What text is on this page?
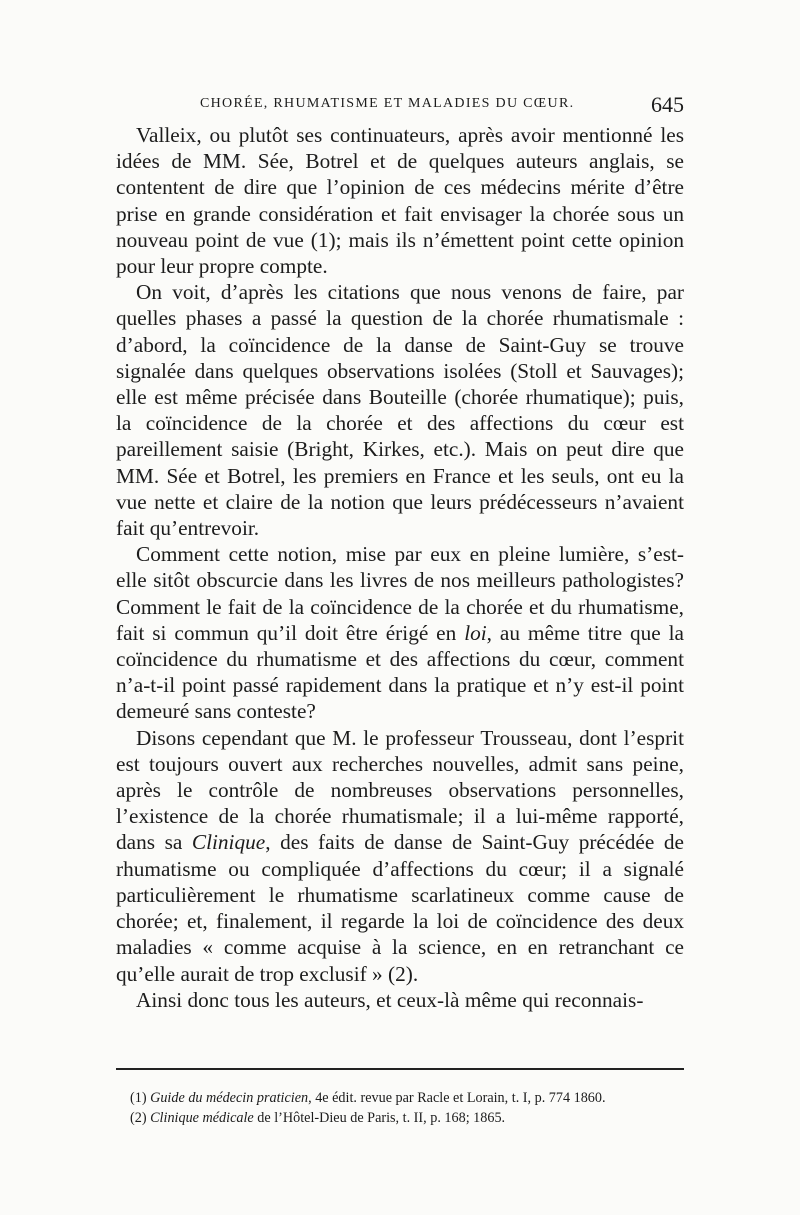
CHORÉE, RHUMATISME ET MALADIES DU CŒUR.	645

Valleix, ou plutôt ses continuateurs, après avoir mentionné les idées de MM. Sée, Botrel et de quelques auteurs anglais, se contentent de dire que l’opinion de ces médecins mérite d’être prise en grande considération et fait envisager la chorée sous un nouveau point de vue (1); mais ils n’émettent point cette opinion pour leur propre compte.

On voit, d’après les citations que nous venons de faire, par quelles phases a passé la question de la chorée rhumatismale : d’abord, la coïncidence de la danse de Saint-Guy se trouve signalée dans quelques observations isolées (Stoll et Sauvages); elle est même précisée dans Bouteille (chorée rhumatique); puis, la coïncidence de la chorée et des affections du cœur est pareillement saisie (Bright, Kirkes, etc.). Mais on peut dire que MM. Sée et Botrel, les premiers en France et les seuls, ont eu la vue nette et claire de la notion que leurs prédécesseurs n’avaient fait qu’entrevoir.

Comment cette notion, mise par eux en pleine lumière, s’est-elle sitôt obscurcie dans les livres de nos meilleurs pathologistes? Comment le fait de la coïncidence de la chorée et du rhumatisme, fait si commun qu’il doit être érigé en loi, au même titre que la coïncidence du rhumatisme et des affections du cœur, comment n’a-t-il point passé rapidement dans la pratique et n’y est-il point demeuré sans conteste?

Disons cependant que M. le professeur Trousseau, dont l’esprit est toujours ouvert aux recherches nouvelles, admit sans peine, après le contrôle de nombreuses observations personnelles, l’existence de la chorée rhumatismale; il a lui-même rapporté, dans sa Clinique, des faits de danse de Saint-Guy précédée de rhumatisme ou compliquée d’affections du cœur; il a signalé particulièrement le rhumatisme scarlatineux comme cause de chorée; et, finalement, il regarde la loi de coïncidence des deux maladies « comme acquise à la science, en en retranchant ce qu’elle aurait de trop exclusif » (2).

Ainsi donc tous les auteurs, et ceux-là même qui reconnais-

(1) Guide du médecin praticien, 4e édit. revue par Racle et Lorain, t. I, p. 774 1860.

(2) Clinique médicale de l’Hôtel-Dieu de Paris, t. II, p. 168; 1865.
